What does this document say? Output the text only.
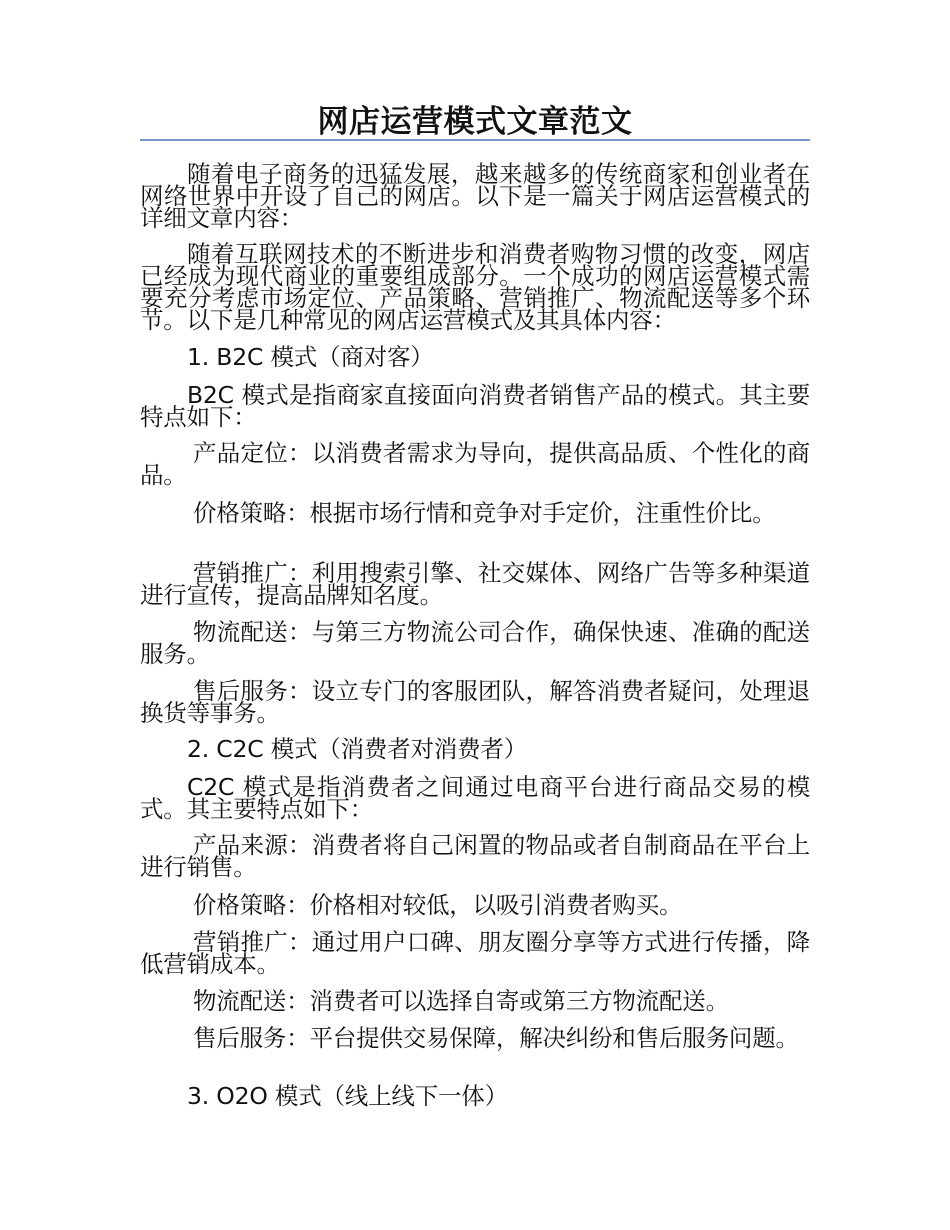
网店运营模式文章范文
随着电子商务的迅猛发展，越来越多的传统商家和创业者在网络世界中开设了自己的网店。以下是一篇关于网店运营模式的详细文章内容：
随着互联网技术的不断进步和消费者购物习惯的改变，网店已经成为现代商业的重要组成部分。一个成功的网店运营模式需要充分考虑市场定位、产品策略、营销推广、物流配送等多个环节。以下是几种常见的网店运营模式及其具体内容：
1. B2C 模式（商对客）
B2C 模式是指商家直接面向消费者销售产品的模式。其主要特点如下：
产品定位：以消费者需求为导向，提供高品质、个性化的商品。
价格策略：根据市场行情和竞争对手定价，注重性价比。
营销推广：利用搜索引擎、社交媒体、网络广告等多种渠道进行宣传，提高品牌知名度。
物流配送：与第三方物流公司合作，确保快速、准确的配送服务。
售后服务：设立专门的客服团队，解答消费者疑问，处理退换货等事务。
2. C2C 模式（消费者对消费者）
C2C 模式是指消费者之间通过电商平台进行商品交易的模式。其主要特点如下：
产品来源：消费者将自己闲置的物品或者自制商品在平台上进行销售。
价格策略：价格相对较低，以吸引消费者购买。
营销推广：通过用户口碑、朋友圈分享等方式进行传播，降低营销成本。
物流配送：消费者可以选择自寄或第三方物流配送。
售后服务：平台提供交易保障，解决纠纷和售后服务问题。
3. O2O 模式（线上线下一体）
